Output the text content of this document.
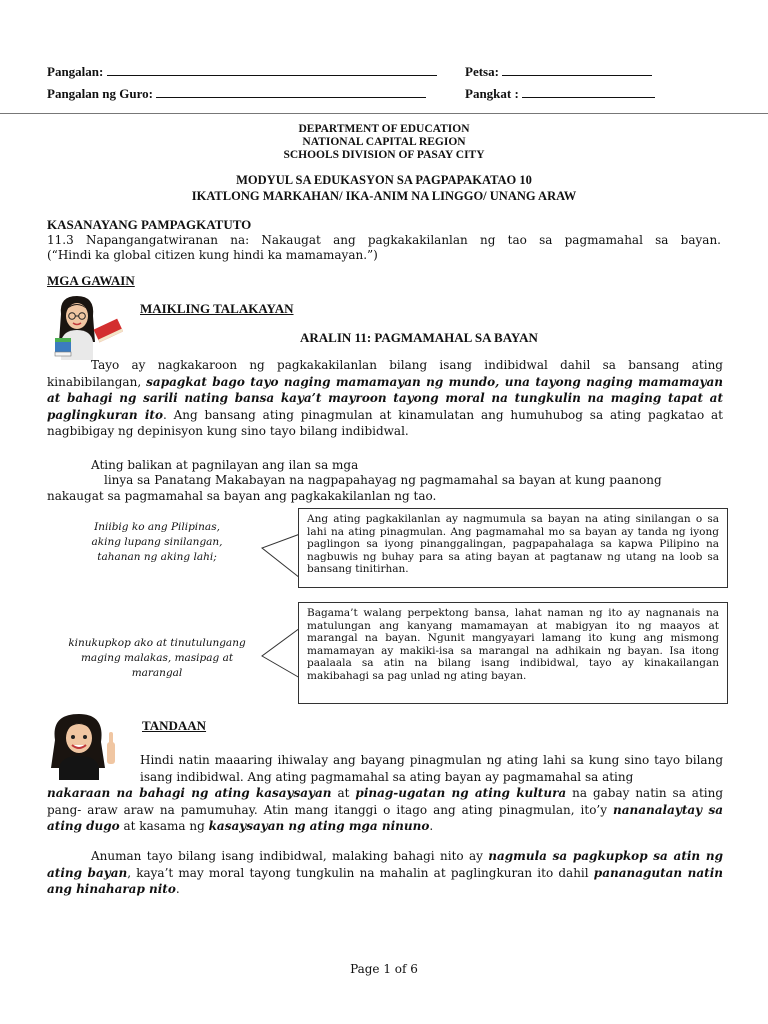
Pangalan:	Petsa:
Pangalan ng Guro:	Pangkat :
DEPARTMENT OF EDUCATION
NATIONAL CAPITAL REGION
SCHOOLS DIVISION OF PASAY CITY
MODYUL SA EDUKASYON SA PAGPAPAKATAO 10
IKATLONG MARKAHAN/ IKA-ANIM NA LINGGO/ UNANG ARAW
KASANAYANG PAMPAGKATUTO
11.3 Napangangatwiranan na: Nakaugat ang pagkakakilanlan ng tao sa pagmamahal sa bayan.
(“Hindi ka global citizen kung hindi ka mamamayan.”)
MGA GAWAIN
MAIKLING TALAKAYAN
ARALIN 11: PAGMAMAHAL SA BAYAN
Tayo ay nagkakaroon ng pagkakakilanlan bilang isang indibidwal dahil sa bansang ating kinabibilangan, sapagkat bago tayo naging mamamayan ng mundo, una tayong naging mamamayan at bahagi ng sarili nating bansa kaya’t mayroon tayong moral na tungkulin na maging tapat at paglingkuran ito. Ang bansang ating pinagmulan at kinamulatan ang humuhubog sa ating pagkatao at nagbibigay ng depinisyon kung sino tayo bilang indibidwal.
Ating balikan at pagnilayan ang ilan sa mga
linya sa Panatang Makabayan na nagpapahayag ng pagmamahal sa bayan at kung paanong
nakaugat sa pagmamahal sa bayan ang pagkakakilanlan ng tao.
Iniibig ko ang Pilipinas,
aking lupang sinilangan,
tahanan ng aking lahi;
Ang ating pagkakilanlan ay nagmumula sa bayan na ating sinilangan o sa lahi na ating pinagmulan. Ang pagmamahal mo sa bayan ay tanda ng iyong paglingon sa iyong pinanggalingan, pagpapahalaga sa kapwa Pilipino na nagbuwis ng buhay para sa ating bayan at pagtanaw ng utang na loob sa bansang tinitirhan.
kinukupkop ako at tinutulungang
maging malakas, masipag at
marangal
Bagama’t walang perpektong bansa, lahat naman ng ito ay nagnanais na matulungan ang kanyang mamamayan at mabigyan ito ng maayos at marangal na bayan. Ngunit mangyayari lamang ito kung ang mismong mamamayan ay makiki-isa sa marangal na adhikain ng bayan. Isa itong paalaala sa atin na bilang isang indibidwal, tayo ay kinakailangan makibahagi sa pag unlad ng ating bayan.
TANDAAN
Hindi natin maaaring ihiwalay ang bayang pinagmulan ng ating lahi sa kung sino tayo bilang isang indibidwal. Ang ating pagmamahal sa ating bayan ay pagmamahal sa ating
nakaraan na bahagi ng ating kasaysayan at pinag-ugatan ng ating kultura na gabay natin sa ating pang- araw araw na pamumuhay. Atin mang itanggi o itago ang ating pinagmulan, ito’y nananalaytay sa ating dugo at kasama ng kasaysayan ng ating mga ninuno.
Anuman tayo bilang isang indibidwal, malaking bahagi nito ay nagmula sa pagkupkop sa atin ng ating bayan, kaya’t may moral tayong tungkulin na mahalin at paglingkuran ito dahil pananagutan natin ang hinaharap nito.
Page 1 of 6
